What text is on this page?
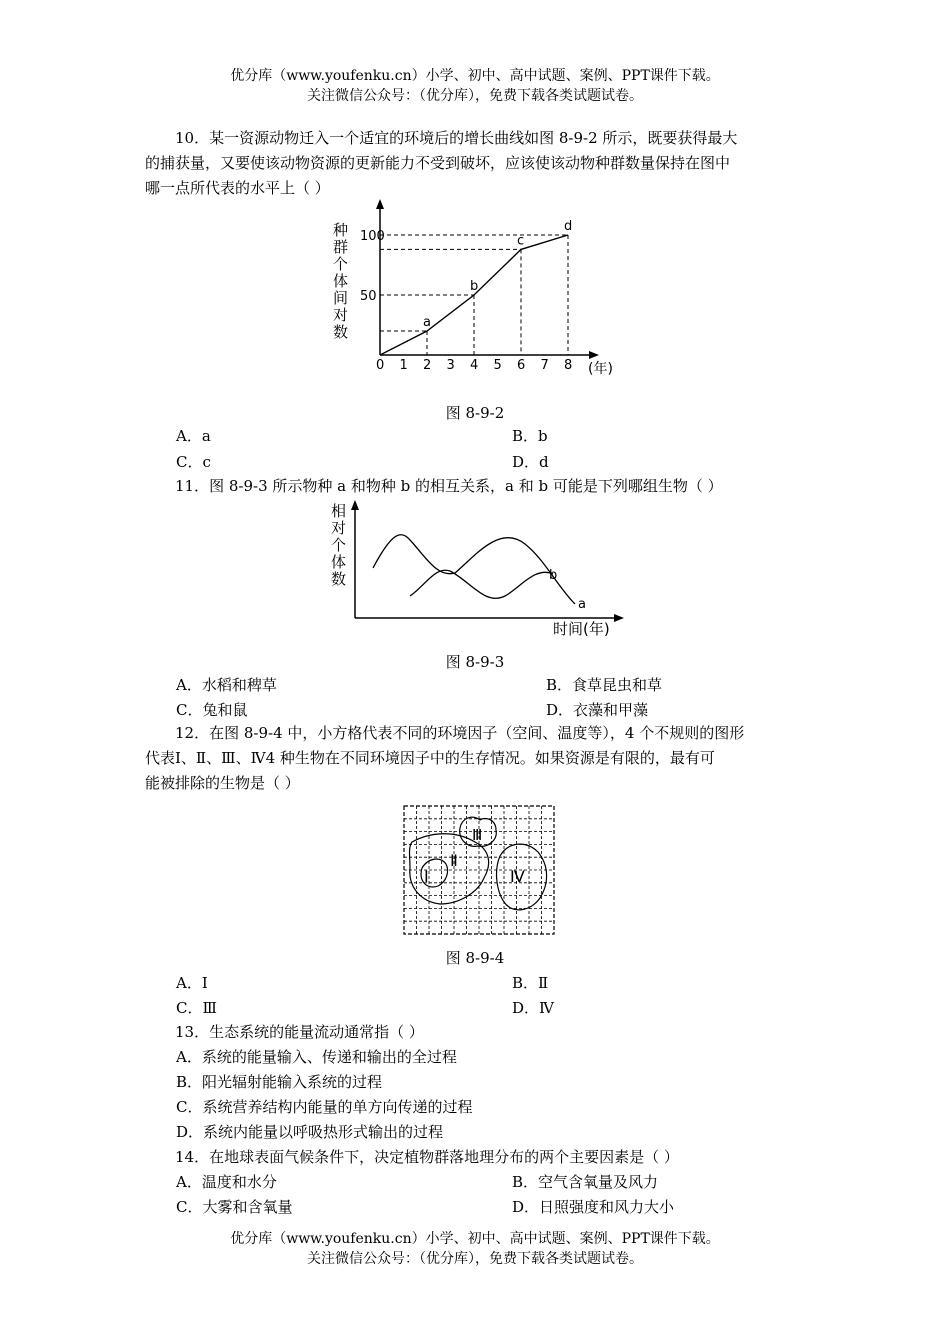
优分库（www.youfenku.cn）小学、初中、高中试题、案例、PPT课件下载。
关注微信公众号：（优分库），免费下载各类试题试卷。
10．某一资源动物迁入一个适宜的环境后的增长曲线如图 8-9-2 所示，既要获得最大
的捕获量，又要使该动物资源的更新能力不受到破坏，应该使该动物种群数量保持在图中
哪一点所代表的水平上（ ）
种
群
个
体
间
对
数
50
100
0 1 2 3 4 5 6 7 8 (年)
a
b
c
d
图 8-9-2
A．a	B．b
C．c	D．d
11．图 8-9-3 所示物种 a 和物种 b 的相互关系，a 和 b 可能是下列哪组生物（ ）
相
对
个
体
数
a
b
时间(年)
图 8-9-3
A．水稻和稗草	B．食草昆虫和草
C．兔和鼠	D．衣藻和甲藻
12．在图 8-9-4 中，小方格代表不同的环境因子（空间、温度等），4 个不规则的图形
代表Ⅰ、Ⅱ、Ⅲ、Ⅳ4 种生物在不同环境因子中的生存情况。如果资源是有限的，最有可
能被排除的生物是（ ）
Ⅰ
Ⅱ
Ⅲ
Ⅳ
图 8-9-4
A．Ⅰ	B．Ⅱ
C．Ⅲ	D．Ⅳ
13．生态系统的能量流动通常指（ ）
A．系统的能量输入、传递和输出的全过程
B．阳光辐射能输入系统的过程
C．系统营养结构内能量的单方向传递的过程
D．系统内能量以呼吸热形式输出的过程
14．在地球表面气候条件下，决定植物群落地理分布的两个主要因素是（ ）
A．温度和水分	B．空气含氧量及风力
C．大雾和含氧量	D．日照强度和风力大小
优分库（www.youfenku.cn）小学、初中、高中试题、案例、PPT课件下载。
关注微信公众号：（优分库），免费下载各类试题试卷。
